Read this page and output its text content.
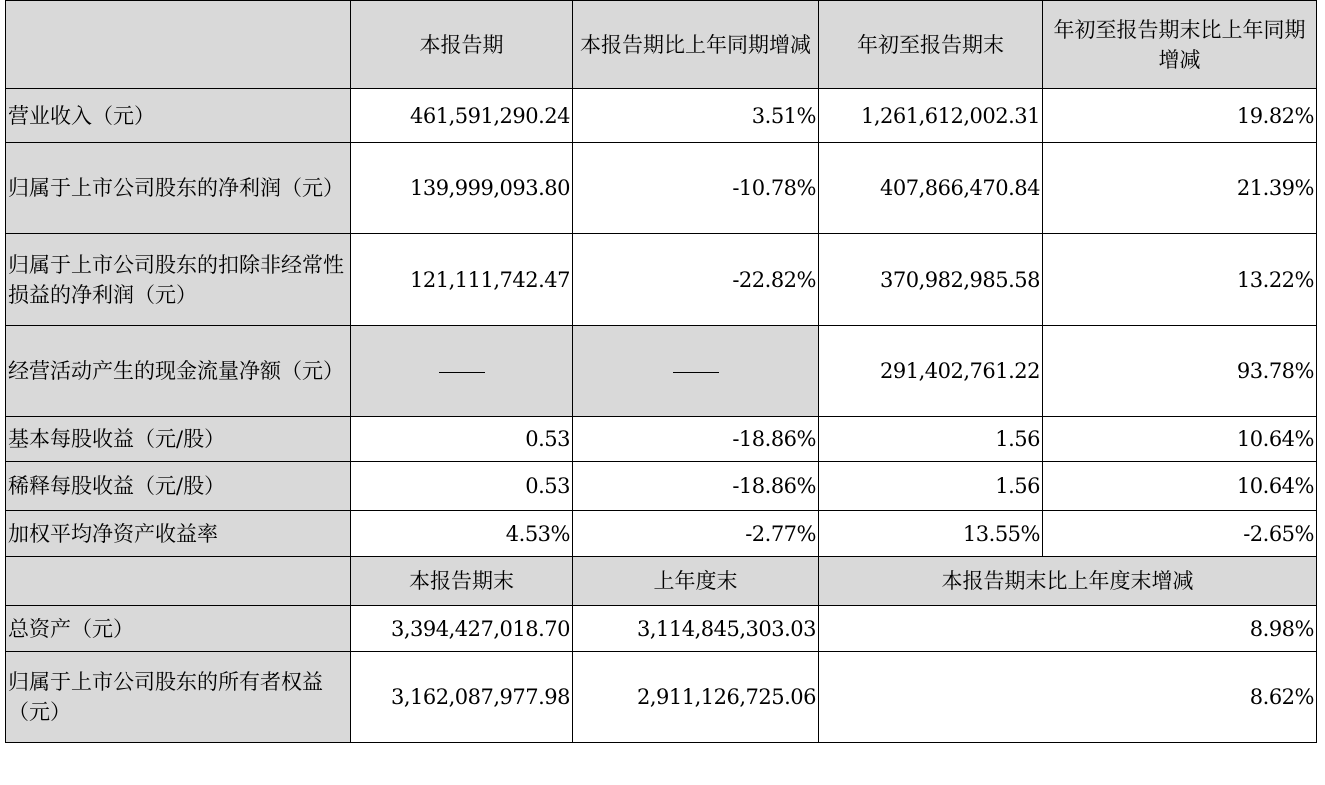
	本报告期	本报告期比上年同期增减	年初至报告期末	年初至报告期末比上年同期增减
营业收入（元）	461,591,290.24	3.51%	1,261,612,002.31	19.82%
归属于上市公司股东的净利润（元）	139,999,093.80	-10.78%	407,866,470.84	21.39%
归属于上市公司股东的扣除非经常性损益的净利润（元）	121,111,742.47	-22.82%	370,982,985.58	13.22%
经营活动产生的现金流量净额（元）			291,402,761.22	93.78%
基本每股收益（元/股）	0.53	-18.86%	1.56	10.64%
稀释每股收益（元/股）	0.53	-18.86%	1.56	10.64%
加权平均净资产收益率	4.53%	-2.77%	13.55%	-2.65%
	本报告期末	上年度末	本报告期末比上年度末增减	
总资产（元）	3,394,427,018.70	3,114,845,303.03	8.98%	
归属于上市公司股东的所有者权益（元）	3,162,087,977.98	2,911,126,725.06	8.62%	
